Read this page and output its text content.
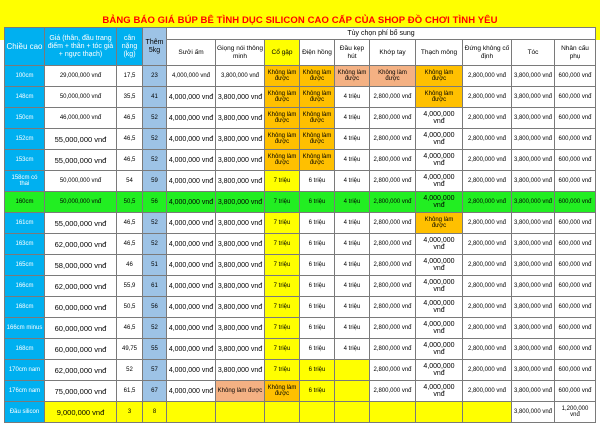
BẢNG BÁO GIÁ BÚP BÊ TÌNH DỤC SILICON CAO CẤP CỦA SHOP ĐỒ CHƠI TÌNH YÊU
Chiều cao	Giá (thân, đầu trang điểm + thân + tóc giả + ngực thạch)	cân nặng (kg)	Thêm 5kg	Tùy chọn phí bổ sung									
				Sưởi ấm	Giọng nói thông minh	Cổ gập	Điện hồng	Đầu kẹp hút	Khớp tay	Thạch mông	Đứng không cố định	Tóc	Nhân cấu phụ
100cm	29,000,000 vnđ	17,5	23	4,000,000 vnđ	3,800,000 vnđ	Không làm được	Không làm được	Không làm được	Không làm được	Không làm được	2,800,000 vnđ	3,800,000 vnđ	600,000 vnđ
148cm	50,000,000 vnđ	35,5	41	4,000,000 vnđ	3,800,000 vnđ	Không làm được	Không làm được	4 triệu	2,800,000 vnđ	Không làm được	2,800,000 vnđ	3,800,000 vnđ	600,000 vnđ
150cm	46,000,000 vnđ	46,5	52	4,000,000 vnđ	3,800,000 vnđ	Không làm được	Không làm được	4 triệu	2,800,000 vnđ	4,000,000 vnđ	2,800,000 vnđ	3,800,000 vnđ	600,000 vnđ
152cm	55,000,000 vnđ	46,5	52	4,000,000 vnđ	3,800,000 vnđ	Không làm được	Không làm được	4 triệu	2,800,000 vnđ	4,000,000 vnđ	2,800,000 vnđ	3,800,000 vnđ	600,000 vnđ
153cm	55,000,000 vnđ	46,5	52	4,000,000 vnđ	3,800,000 vnđ	Không làm được	Không làm được	4 triệu	2,800,000 vnđ	4,000,000 vnđ	2,800,000 vnđ	3,800,000 vnđ	600,000 vnđ
158cm có thai	50,000,000 vnđ	54	59	4,000,000 vnđ	3,800,000 vnđ	7 triệu	6 triệu	4 triệu	2,800,000 vnđ	4,000,000 vnđ	2,800,000 vnđ	3,800,000 vnđ	600,000 vnđ
160cm	50,000,000 vnđ	50,5	56	4,000,000 vnđ	3,800,000 vnđ	7 triệu	6 triệu	4 triệu	2,800,000 vnđ	4,000,000 vnđ	2,800,000 vnđ	3,800,000 vnđ	600,000 vnđ
161cm	55,000,000 vnđ	46,5	52	4,000,000 vnđ	3,800,000 vnđ	7 triệu	6 triệu	4 triệu	2,800,000 vnđ	Không làm được	2,800,000 vnđ	3,800,000 vnđ	600,000 vnđ
163cm	62,000,000 vnđ	46,5	52	4,000,000 vnđ	3,800,000 vnđ	7 triệu	6 triệu	4 triệu	2,800,000 vnđ	4,000,000 vnđ	2,800,000 vnđ	3,800,000 vnđ	600,000 vnđ
165cm	58,000,000 vnđ	46	51	4,000,000 vnđ	3,800,000 vnđ	7 triệu	6 triệu	4 triệu	2,800,000 vnđ	4,000,000 vnđ	2,800,000 vnđ	3,800,000 vnđ	600,000 vnđ
166cm	62,000,000 vnđ	55,9	61	4,000,000 vnđ	3,800,000 vnđ	7 triệu	6 triệu	4 triệu	2,800,000 vnđ	4,000,000 vnđ	2,800,000 vnđ	3,800,000 vnđ	600,000 vnđ
168cm	60,000,000 vnđ	50,5	56	4,000,000 vnđ	3,800,000 vnđ	7 triệu	6 triệu	4 triệu	2,800,000 vnđ	4,000,000 vnđ	2,800,000 vnđ	3,800,000 vnđ	600,000 vnđ
166cm minus	60,000,000 vnđ	46,5	52	4,000,000 vnđ	3,800,000 vnđ	7 triệu	6 triệu	4 triệu	2,800,000 vnđ	4,000,000 vnđ	2,800,000 vnđ	3,800,000 vnđ	600,000 vnđ
168cm	60,000,000 vnđ	49,75	55	4,000,000 vnđ	3,800,000 vnđ	7 triệu	6 triệu	4 triệu	2,800,000 vnđ	4,000,000 vnđ	2,800,000 vnđ	3,800,000 vnđ	600,000 vnđ
170cm nam	62,000,000 vnđ	52	57	4,000,000 vnđ	3,800,000 vnđ	7 triệu	6 triệu		2,800,000 vnđ	4,000,000 vnđ	2,800,000 vnđ	3,800,000 vnđ	600,000 vnđ
176cm nam	75,000,000 vnđ	61,5	67	4,000,000 vnđ	Không làm được	Không làm được	6 triệu		2,800,000 vnđ	4,000,000 vnđ	2,800,000 vnđ	3,800,000 vnđ	600,000 vnđ
Đầu silicon	9,000,000 vnđ	3	8									3,800,000 vnđ	1,200,000 vnđ
